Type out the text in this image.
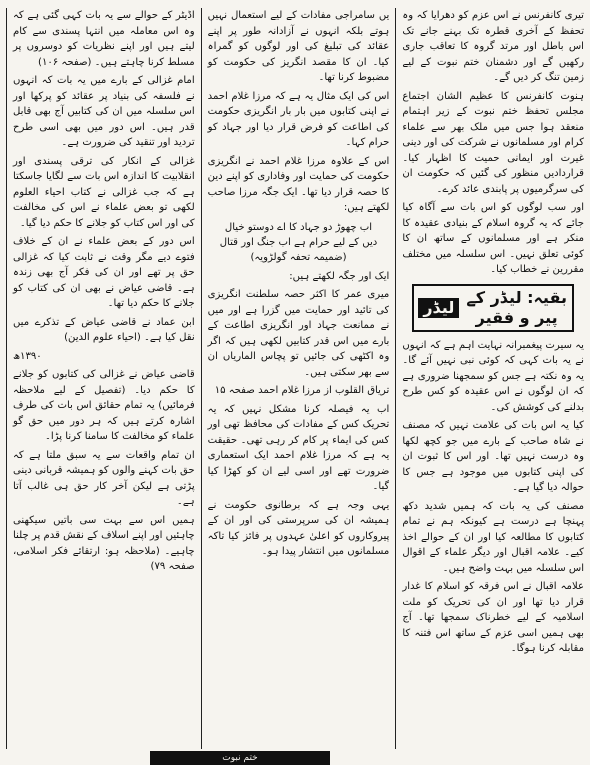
تیری کانفرنس نے اس عزم کو دھرایا کہ وہ تحفظ کے آخری قطرہ تک بہنے جانے تک اس باطل اور مرتد گروہ کا تعاقب جاری رکھیں گے اور دشمنان ختم نبوت کے لیے زمین تنگ کر دیں گے۔

ہنوت کانفرنس کا عظیم الشان اجتماع مجلس تحفظ ختم نبوت کے زیر اہتمام منعقد ہوا جس میں ملک بھر سے علماء کرام اور مسلمانوں نے شرکت کی اور دینی غیرت اور ایمانی حمیت کا اظہار کیا۔ قراردادیں منظور کی گئیں کہ حکومت ان کی سرگرمیوں پر پابندی عائد کرے۔

اور سب لوگوں کو اس بات سے آگاہ کیا جائے کہ یہ گروہ اسلام کے بنیادی عقیدہ کا منکر ہے اور مسلمانوں کے ساتھ ان کا کوئی تعلق نہیں۔ اس سلسلہ میں مختلف مقررین نے خطاب کیا۔

لیڈر
بقیہ: لیڈر کے پیر و فقیر

یہ سیرت پیغمبرانہ نہایت اہم ہے کہ انہوں نے یہ بات کہی کہ کوئی نبی نہیں آئے گا۔ یہ وہ نکتہ ہے جس کو سمجھنا ضروری ہے کہ ان لوگوں نے اس عقیدہ کو کس طرح بدلنے کی کوشش کی۔

کیا یہ اس بات کی علامت نہیں کہ مصنف نے شاہ صاحب کے بارے میں جو کچھ لکھا وہ درست نہیں تھا۔ اور اس کا ثبوت ان کی اپنی کتابوں میں موجود ہے جس کا حوالہ دیا گیا ہے۔

مصنف کی یہ بات کہ ہمیں شدید دکھ پہنچا ہے درست ہے کیونکہ ہم نے تمام کتابوں کا مطالعہ کیا اور ان کے حوالے اخذ کیے۔ علامہ اقبال اور دیگر علماء کے اقوال اس سلسلہ میں بہت واضح ہیں۔

علامہ اقبال نے اس فرقہ کو اسلام کا غدار قرار دیا تھا اور ان کی تحریک کو ملت اسلامیہ کے لیے خطرناک سمجھا تھا۔ آج بھی ہمیں اسی عزم کے ساتھ اس فتنہ کا مقابلہ کرنا ہوگا۔

یں سامراجی مفادات کے لیے استعمال نہیں ہوتے بلکہ انہوں نے آزادانہ طور پر اپنے عقائد کی تبلیغ کی اور لوگوں کو گمراہ کیا۔ ان کا مقصد انگریز کی حکومت کو مضبوط کرنا تھا۔

اس کی ایک مثال یہ ہے کہ مرزا غلام احمد نے اپنی کتابوں میں بار بار انگریزی حکومت کی اطاعت کو فرض قرار دیا اور جہاد کو حرام کہا۔

اس کے علاوہ مرزا غلام احمد نے انگریزی حکومت کی حمایت اور وفاداری کو اپنے دین کا حصہ قرار دیا تھا۔ ایک جگہ مرزا صاحب لکھتے ہیں:

اب چھوڑ دو جہاد کا اے دوستو خیال
دیں کے لیے حرام ہے اب جنگ اور قتال
(ضمیمہ تحفہ گولڑویہ)

ایک اور جگہ لکھتے ہیں:

میری عمر کا اکثر حصہ سلطنت انگریزی کی تائید اور حمایت میں گزرا ہے اور میں نے ممانعت جہاد اور انگریزی اطاعت کے بارے میں اس قدر کتابیں لکھی ہیں کہ اگر وہ اکٹھی کی جائیں تو پچاس الماریاں ان سے بھر سکتی ہیں۔

تریاق القلوب از مرزا غلام احمد صفحہ ۱۵

اب یہ فیصلہ کرنا مشکل نہیں کہ یہ تحریک کس کے مفادات کی محافظ تھی اور کس کی ایماء پر کام کر رہی تھی۔ حقیقت یہ ہے کہ مرزا غلام احمد ایک استعماری ضرورت تھے اور اسی لیے ان کو کھڑا کیا گیا۔

یہی وجہ ہے کہ برطانوی حکومت نے ہمیشہ ان کی سرپرستی کی اور ان کے پیروکاروں کو اعلیٰ عہدوں پر فائز کیا تاکہ مسلمانوں میں انتشار پیدا ہو۔

اڈیٹر کے حوالے سے یہ بات کہی گئی ہے کہ وہ اس معاملہ میں انتہا پسندی سے کام لیتے ہیں اور اپنے نظریات کو دوسروں پر مسلط کرنا چاہتے ہیں۔ (صفحہ ۱۰۶)

امام غزالی کے بارے میں یہ بات کہ انہوں نے فلسفہ کی بنیاد پر عقائد کو پرکھا اور اس سلسلہ میں ان کی کتابیں آج بھی قابل قدر ہیں۔ اس دور میں بھی اسی طرح تردید اور تنقید کی ضرورت ہے۔

غزالی کے انکار کی ترقی پسندی اور انقلابیت کا اندازہ اس بات سے لگایا جاسکتا ہے کہ جب غزالی نے کتاب احیاء العلوم لکھی تو بعض علماء نے اس کی مخالفت کی اور اس کتاب کو جلانے کا حکم دیا گیا۔

اس دور کے بعض علماء نے ان کے خلاف فتوے دیے مگر وقت نے ثابت کیا کہ غزالی حق پر تھے اور ان کی فکر آج بھی زندہ ہے۔ قاضی عیاض نے بھی ان کی کتاب کو جلانے کا حکم دیا تھا۔

ابن عماد نے قاضی عیاض کے تذکرے میں نقل کیا ہے۔ (احیاء علوم الدین)

۱۳۹۰ھ

قاضی عیاض نے غزالی کی کتابوں کو جلانے کا حکم دیا۔ (تفصیل کے لیے ملاحظہ فرمائیں) یہ تمام حقائق اس بات کی طرف اشارہ کرتے ہیں کہ ہر دور میں حق گو علماء کو مخالفت کا سامنا کرنا پڑا۔

ان تمام واقعات سے یہ سبق ملتا ہے کہ حق بات کہنے والوں کو ہمیشہ قربانی دینی پڑتی ہے لیکن آخر کار حق ہی غالب آتا ہے۔

ہمیں اس سے بہت سی باتیں سیکھنی چاہئیں اور اپنے اسلاف کے نقش قدم پر چلنا چاہیے۔ (ملاحظہ ہو: ارتقائے فکر اسلامی، صفحہ ۷۹)

ختم نبوت
